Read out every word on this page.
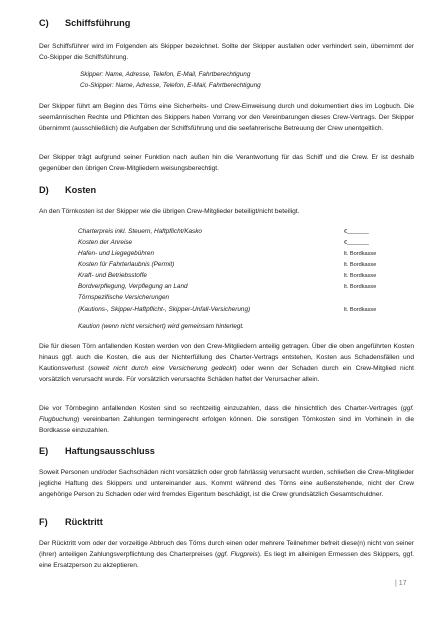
C) Schiffsführung
Der Schiffsführer wird im Folgenden als Skipper bezeichnet. Sollte der Skipper ausfallen oder verhindert sein, übernimmt der Co-Skipper die Schiffsführung.
Skipper: Name, Adresse, Telefon, E-Mail, Fahrtberechtigung
Co-Skipper: Name, Adresse, Telefon, E-Mail, Fahrtberechtigung
Der Skipper führt am Beginn des Törns eine Sicherheits- und Crew-Einweisung durch und dokumentiert dies im Logbuch. Die seemännischen Rechte und Pflichten des Skippers haben Vorrang vor den Vereinbarungen dieses Crew-Vertrags. Der Skipper übernimmt (ausschließlich) die Aufgaben der Schiffsführung und die seefahrerische Betreuung der Crew unentgeltlich.
Der Skipper trägt aufgrund seiner Funktion nach außen hin die Verantwortung für das Schiff und die Crew. Er ist deshalb gegenüber den übrigen Crew-Mitgliedern weisungsberechtigt.
D) Kosten
An den Törnkosten ist der Skipper wie die übrigen Crew-Mitglieder beteiligt/nicht beteiligt.
Charterpreis inkl. Steuern, Haftpflicht/Kasko	€_______
Kosten der Anreise	€_______
Hafen- und Liegegebühren	lt. Bordkasse
Kosten für Fahrterlaubnis (Permit)	lt. Bordkasse
Kraft- und Betriebsstoffe	lt. Bordkasse
Bordverpflegung, Verpflegung an Land	lt. Bordkasse
Törnspezifische Versicherungen
(Kautions-, Skipper-Haftpflicht-, Skipper-Unfall-Versicherung)	lt. Bordkasse
Kaution (wenn nicht versichert) wird gemeinsam hinterlegt.
Die für diesen Törn anfallenden Kosten werden von den Crew-Mitgliedern anteilig getragen. Über die oben angeführten Kosten hinaus ggf. auch die Kosten, die aus der Nichterfüllung des Charter-Vertrags entstehen, Kosten aus Schadensfällen und Kautionsverlust (soweit nicht durch eine Versicherung gedeckt) oder wenn der Schaden durch ein Crew-Mitglied nicht vorsätzlich verursacht wurde. Für vorsätzlich verursachte Schäden haftet der Verursacher allein.
Die vor Törnbeginn anfallenden Kosten sind so rechtzeitig einzuzahlen, dass die hinsichtlich des Charter-Vertrages (ggf. Flugbuchung) vereinbarten Zahlungen termingerecht erfolgen können. Die sonstigen Törnkosten sind im Vorhinein in die Bordkasse einzuzahlen.
E) Haftungsausschluss
Soweit Personen und/oder Sachschäden nicht vorsätzlich oder grob fahrlässig verursacht wurden, schließen die Crew-Mitglieder jegliche Haftung des Skippers und untereinander aus. Kommt während des Törns eine außenstehende, nicht der Crew angehörige Person zu Schaden oder wird fremdes Eigentum beschädigt, ist die Crew grundsätzlich Gesamtschuldner.
F) Rücktritt
Der Rücktritt vom oder der vorzeitige Abbruch des Törns durch einen oder mehrere Teilnehmer befreit diese(n) nicht von seiner (ihrer) anteiligen Zahlungsverpflichtung des Charterpreises (ggf. Flugpreis). Es liegt im alleinigen Ermessen des Skippers, ggf. eine Ersatzperson zu akzeptieren.
| 17
